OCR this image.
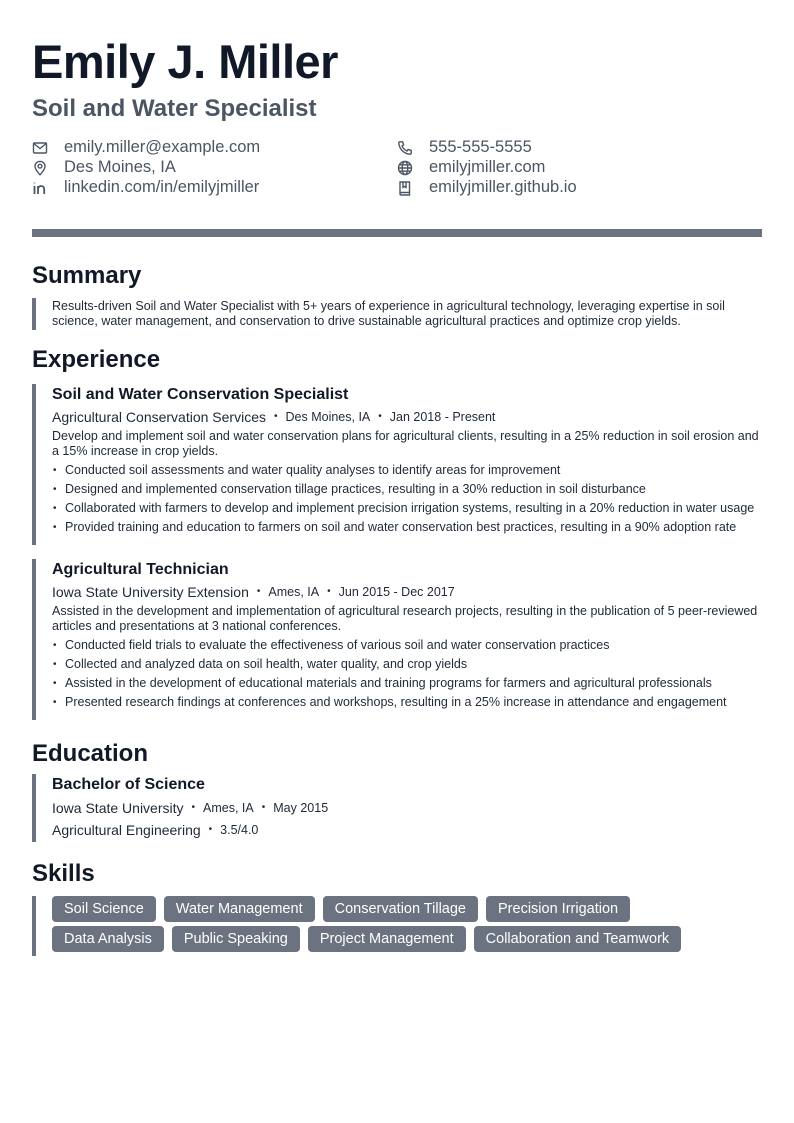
Emily J. Miller
Soil and Water Specialist
emily.miller@example.com	555-555-5555
Des Moines, IA	emilyjmiller.com
linkedin.com/in/emilyjmiller	emilyjmiller.github.io
Summary
Results-driven Soil and Water Specialist with 5+ years of experience in agricultural technology, leveraging expertise in soil science, water management, and conservation to drive sustainable agricultural practices and optimize crop yields.
Experience
Soil and Water Conservation Specialist
Agricultural Conservation Services • Des Moines, IA • Jan 2018 - Present
Develop and implement soil and water conservation plans for agricultural clients, resulting in a 25% reduction in soil erosion and a 15% increase in crop yields.
• Conducted soil assessments and water quality analyses to identify areas for improvement
• Designed and implemented conservation tillage practices, resulting in a 30% reduction in soil disturbance
• Collaborated with farmers to develop and implement precision irrigation systems, resulting in a 20% reduction in water usage
• Provided training and education to farmers on soil and water conservation best practices, resulting in a 90% adoption rate
Agricultural Technician
Iowa State University Extension • Ames, IA • Jun 2015 - Dec 2017
Assisted in the development and implementation of agricultural research projects, resulting in the publication of 5 peer-reviewed articles and presentations at 3 national conferences.
• Conducted field trials to evaluate the effectiveness of various soil and water conservation practices
• Collected and analyzed data on soil health, water quality, and crop yields
• Assisted in the development of educational materials and training programs for farmers and agricultural professionals
• Presented research findings at conferences and workshops, resulting in a 25% increase in attendance and engagement
Education
Bachelor of Science
Iowa State University • Ames, IA • May 2015
Agricultural Engineering • 3.5/4.0
Skills
Soil Science	Water Management	Conservation Tillage	Precision Irrigation
Data Analysis	Public Speaking	Project Management	Collaboration and Teamwork
